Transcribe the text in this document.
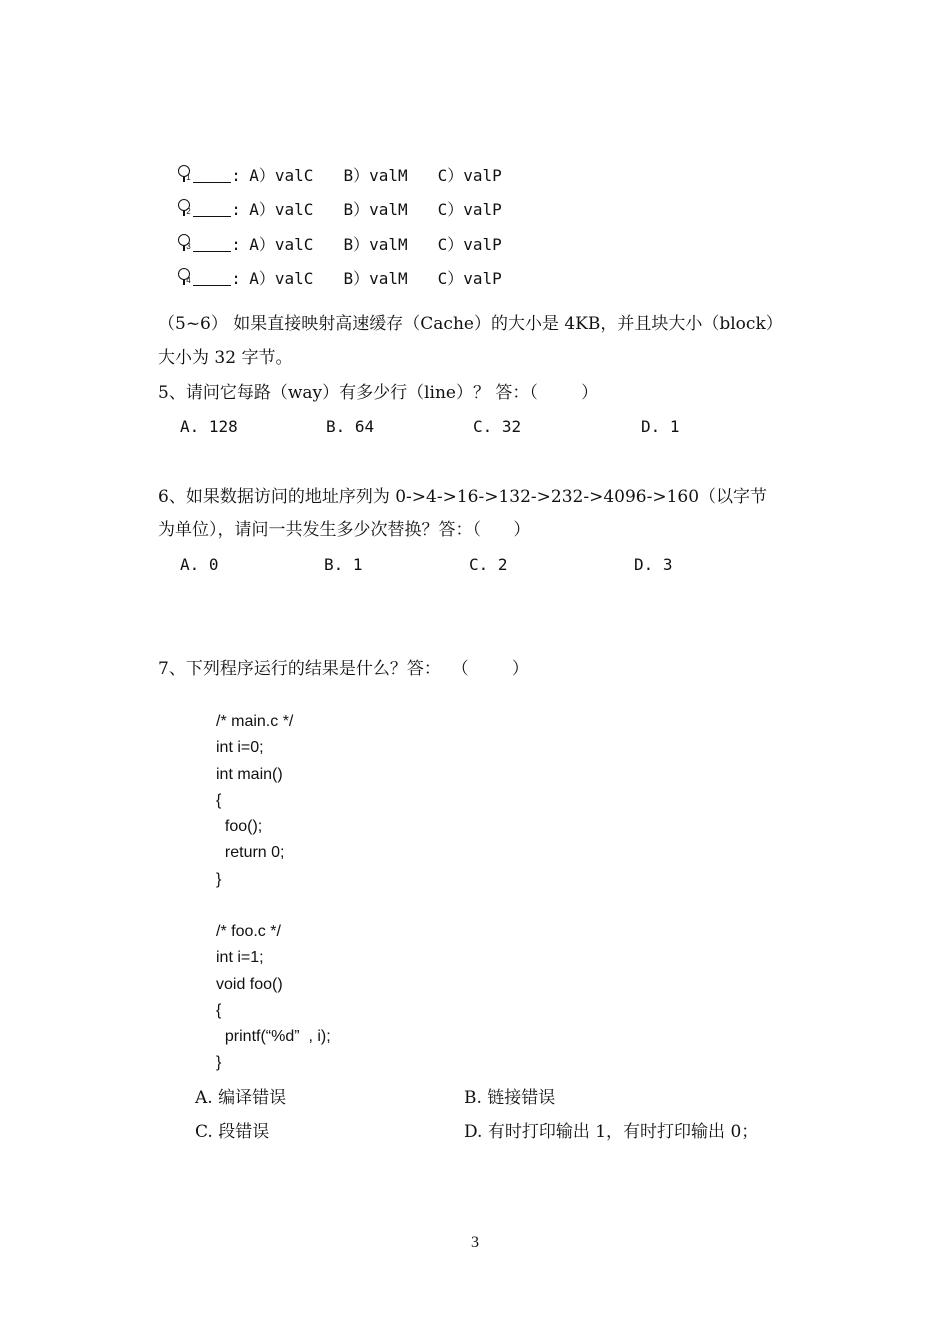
1	: A）valC B）valM C）valP

2	: A）valC B）valM C）valP

3	: A）valC B）valM C）valP

4	: A）valC B）valM C）valP

（5~6） 如果直接映射高速缓存（Cache）的大小是 4KB，并且块大小（block）
大小为 32 字节。
5、请问它每路（way）有多少行（line）？ 答：（        ）
A. 128	B. 64	C. 32	D. 1
6、如果数据访问的地址序列为 0->4->16->132->232->4096->160（以字节
为单位），请问一共发生多少次替换？答：（      ）
A. 0	B. 1	C. 2	D. 3
7、下列程序运行的结果是什么？答：  （        ）
/* main.c */
int i=0;
int main()
{
foo();
return 0;
}
/* foo.c */
int i=1;
void foo()
{
printf(“%d”  , i);
}
A. 编译错误	B. 链接错误
C. 段错误	D. 有时打印输出 1，有时打印输出 0；
3
